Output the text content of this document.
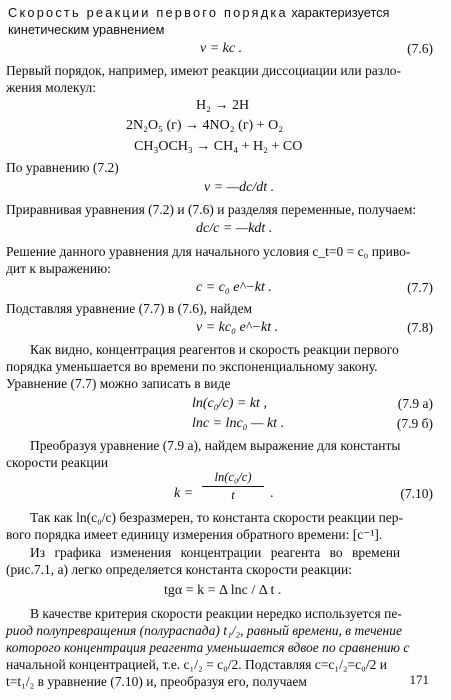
Скорость реакции первого порядка характеризуется
кинетическим уравнением
v = kc .	(7.6)
Первый порядок, например, имеют реакции диссоциации или разло-
жения молекул:
H₂ → 2H
2N₂O₅ (г) → 4NO₂ (г) + O₂
CH₃OCH₃ → CH₄ + H₂ + CO
По уравнению (7.2)
v = —dc/dt .
Приравнивая уравнения (7.2) и (7.6) и разделяя переменные, получаем:
dc/c = —kdt .
Решение данного уравнения для начального условия c_t=0 = c₀ приво-
дит к выражению:
c = c₀ e^−kt .	(7.7)
Подставляя уравнение (7.7) в (7.6), найдем
v = kc₀ e^−kt .	(7.8)
Как видно, концентрация реагентов и скорость реакции первого
порядка уменьшается во времени по экспоненциальному закону.
Уравнение (7.7) можно записать в виде
ln(c₀/c) = kt ,	(7.9 а)
lnc = lnc₀ — kt .	(7.9 б)
Преобразуя уравнение (7.9 а), найдем выражение для константы
скорости реакции
k =
ln(c₀/c)
t	.	(7.10)
Так как ln(c₀/c) безразмерен, то константа скорости реакции пер-
вого порядка имеет единицу измерения обратного времени: [c⁻¹].
Из графика изменения концентрации реагента во времени
(рис.7.1, а) легко определяется константа скорости реакции:
tgα = k = Δ lnc / Δ t .
В качестве критерия скорости реакции нередко используется пе-
риод полупревращения (полураспада) t₁/₂, равный времени, в течение
которого концентрация реагента уменьшается вдвое по сравнению с
начальной концентрацией, т.е. c₁/₂ = c₀/2. Подставляя c=c₁/₂=c₀/2 и
t=t₁/₂ в уравнение (7.10) и, преобразуя его, получаем	171
